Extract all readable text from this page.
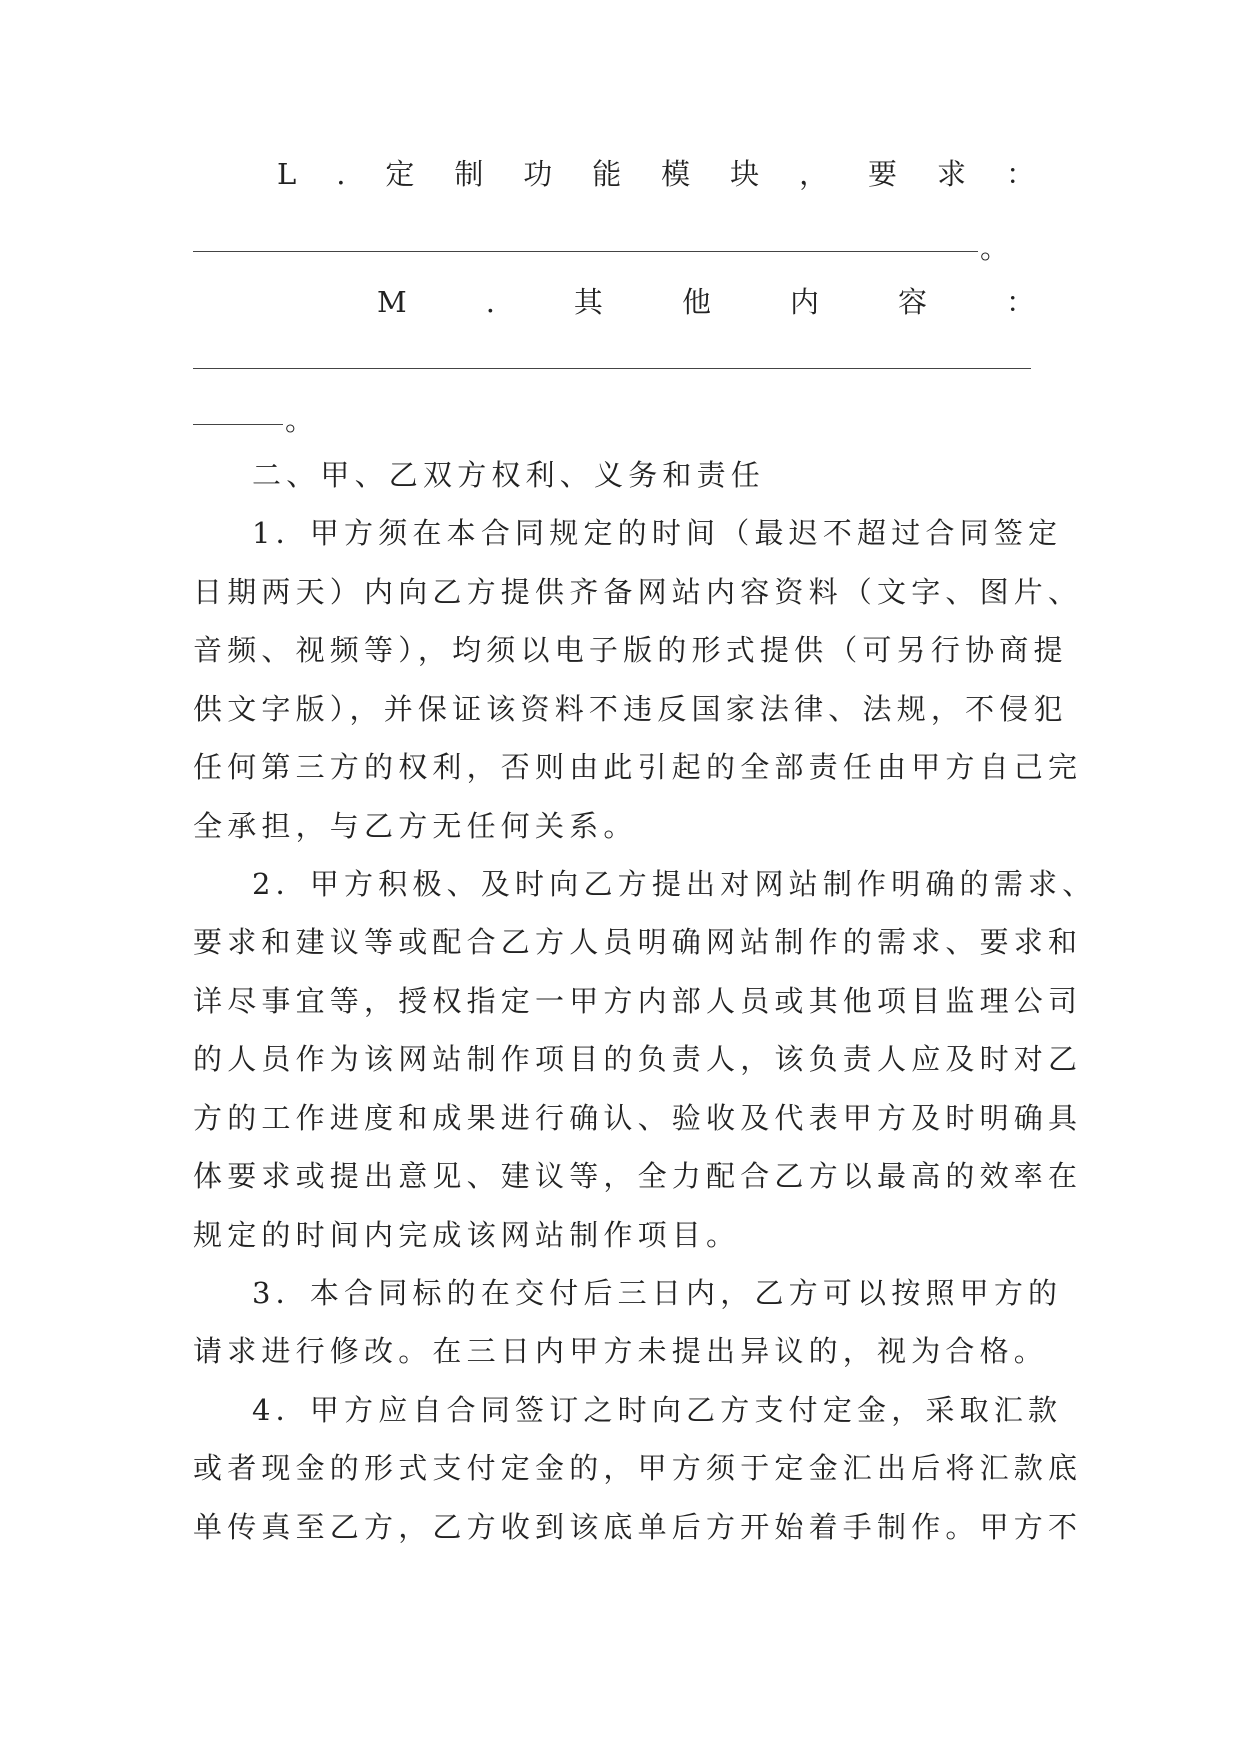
L . 定 制 功 能 模 块 ， 要 求 ：
。
M	.	其	他	内	容	：
。
二、甲、乙双方权利、义务和责任
1．甲方须在本合同规定的时间（最迟不超过合同签定
日期两天）内向乙方提供齐备网站内容资料（文字、图片、
音频、视频等），均须以电子版的形式提供（可另行协商提
供文字版），并保证该资料不违反国家法律、法规，不侵犯
任何第三方的权利，否则由此引起的全部责任由甲方自己完
全承担，与乙方无任何关系。
2．甲方积极、及时向乙方提出对网站制作明确的需求、
要求和建议等或配合乙方人员明确网站制作的需求、要求和
详尽事宜等，授权指定一甲方内部人员或其他项目监理公司
的人员作为该网站制作项目的负责人，该负责人应及时对乙
方的工作进度和成果进行确认、验收及代表甲方及时明确具
体要求或提出意见、建议等，全力配合乙方以最高的效率在
规定的时间内完成该网站制作项目。
3．本合同标的在交付后三日内，乙方可以按照甲方的
请求进行修改。在三日内甲方未提出异议的，视为合格。
4．甲方应自合同签订之时向乙方支付定金，采取汇款
或者现金的形式支付定金的，甲方须于定金汇出后将汇款底
单传真至乙方，乙方收到该底单后方开始着手制作。甲方不
